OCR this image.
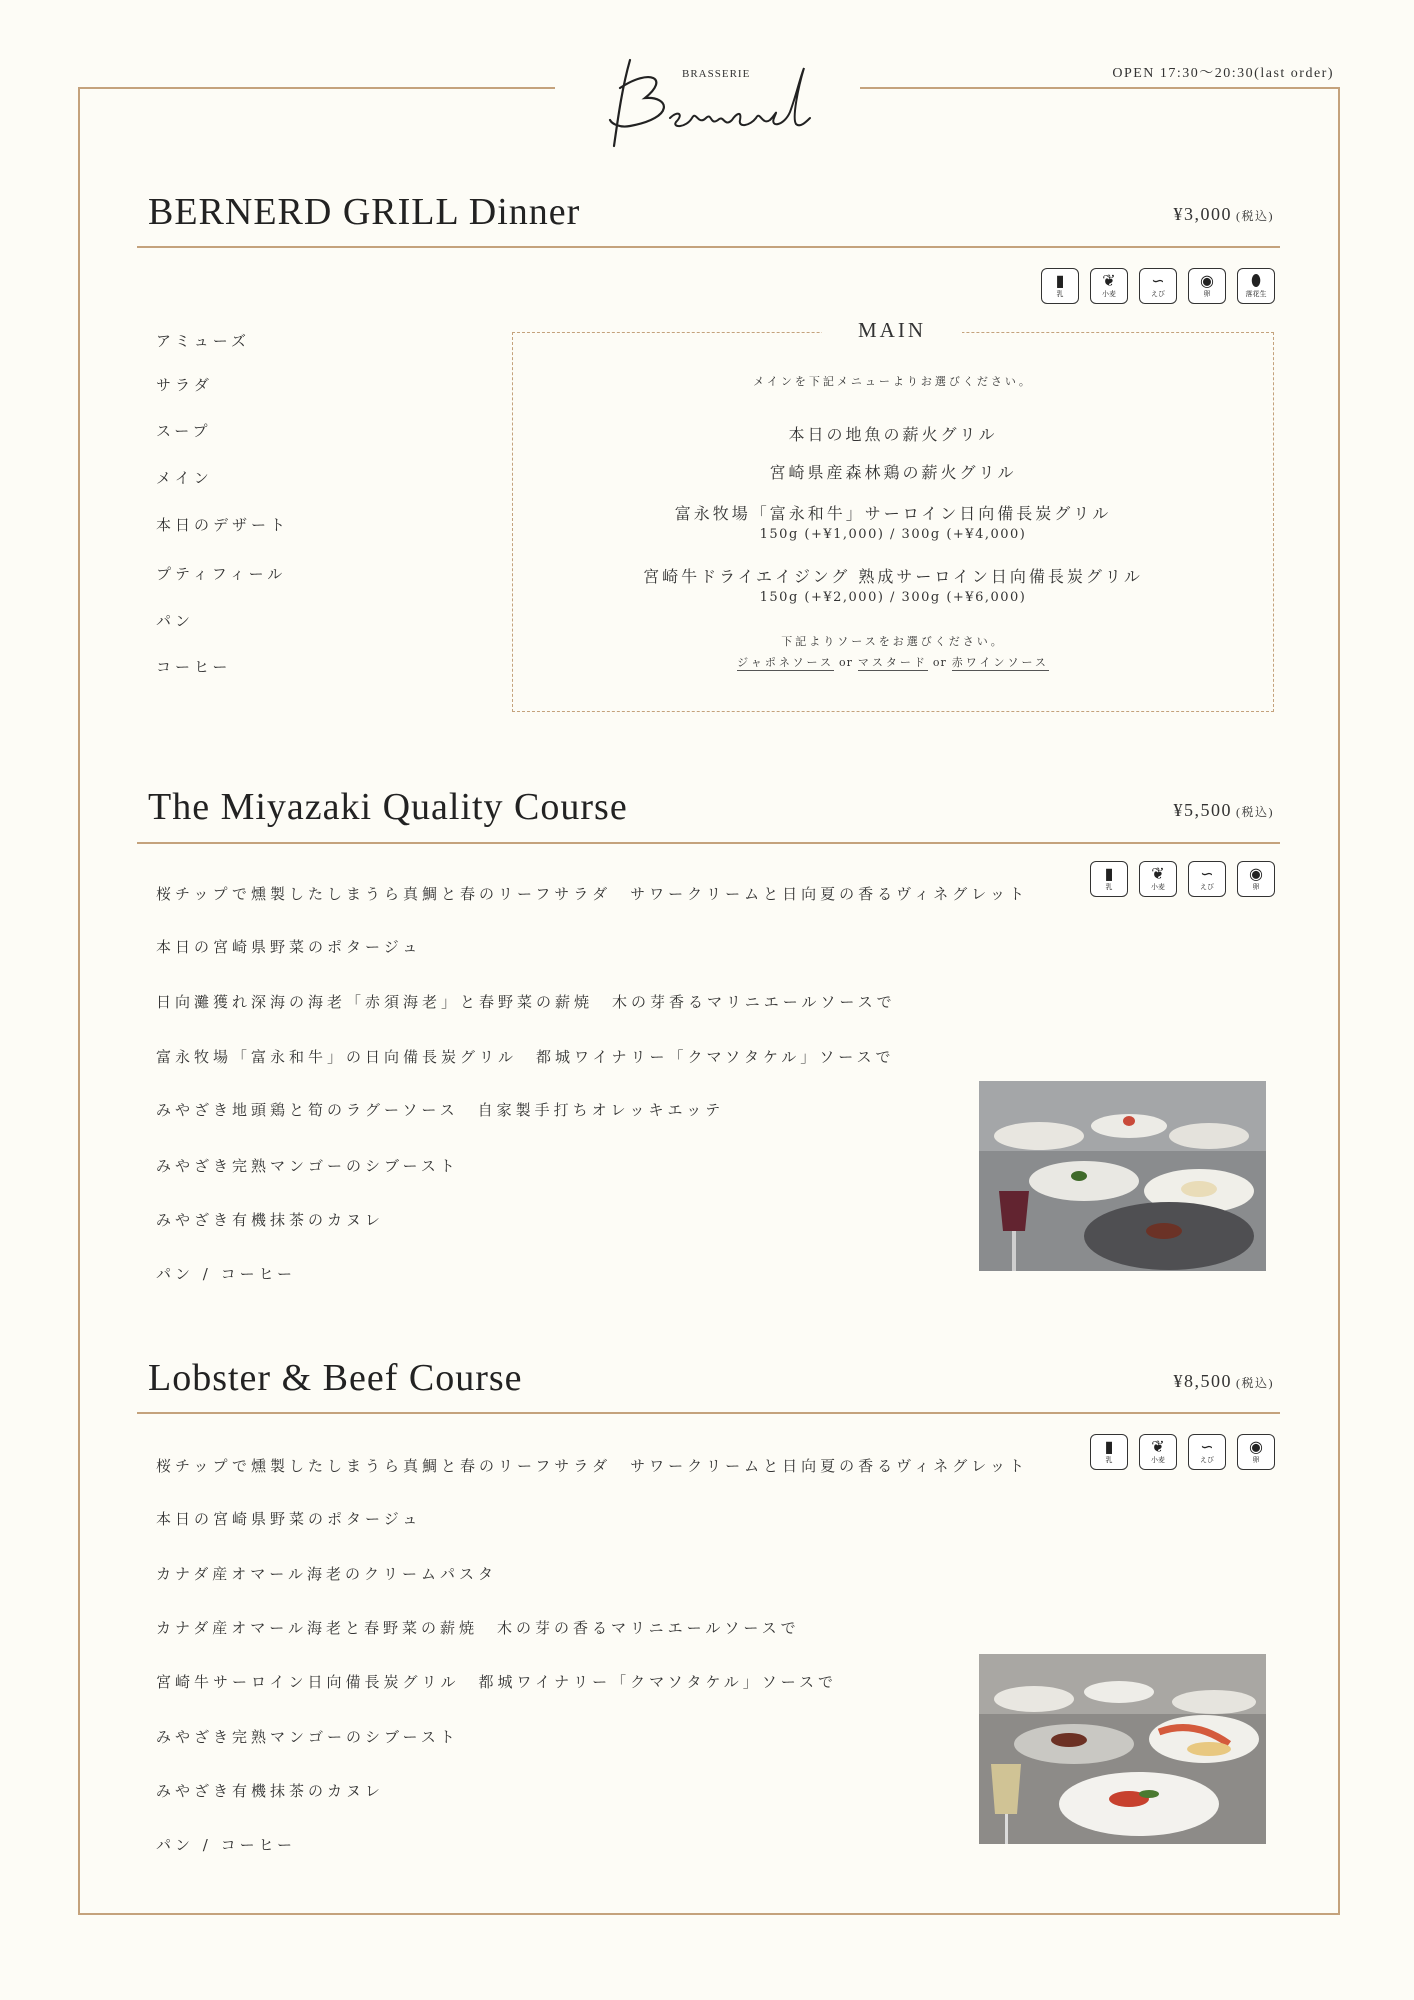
BRASSERIE	OPEN 17:30～20:30(last order)
BERNERD GRILL Dinner	¥3,000 (税込)
▮
乳
❦
小麦
∽
えび
◉
卵
⬮
落花生
アミューズ
サラダ
スープ
メイン
本日のデザート
プティフィール
パン
コーヒー
MAIN
メインを下記メニューよりお選びください。
本日の地魚の薪火グリル
宮崎県産森林鶏の薪火グリル
富永牧場「富永和牛」サーロイン日向備長炭グリル
150g (+¥1,000) / 300g (+¥4,000)
宮崎牛ドライエイジング 熟成サーロイン日向備長炭グリル
150g (+¥2,000) / 300g (+¥6,000)
下記よりソースをお選びください。
ジャポネソース or マスタード or 赤ワインソース
The Miyazaki Quality Course	¥5,500 (税込)
▮
乳
❦
小麦
∽
えび
◉
卵
桜チップで燻製したしまうら真鯛と春のリーフサラダ　サワークリームと日向夏の香るヴィネグレット
本日の宮崎県野菜のポタージュ
日向灘獲れ深海の海老「赤須海老」と春野菜の薪焼　木の芽香るマリニエールソースで
富永牧場「富永和牛」の日向備長炭グリル　都城ワイナリー「クマソタケル」ソースで
みやざき地頭鶏と筍のラグーソース　自家製手打ちオレッキエッテ
みやざき完熟マンゴーのシブースト
みやざき有機抹茶のカヌレ
パン / コーヒー
Lobster & Beef Course	¥8,500 (税込)
▮
乳
❦
小麦
∽
えび
◉
卵
桜チップで燻製したしまうら真鯛と春のリーフサラダ　サワークリームと日向夏の香るヴィネグレット
本日の宮崎県野菜のポタージュ
カナダ産オマール海老のクリームパスタ
カナダ産オマール海老と春野菜の薪焼　木の芽の香るマリニエールソースで
宮崎牛サーロイン日向備長炭グリル　都城ワイナリー「クマソタケル」ソースで
みやざき完熟マンゴーのシブースト
みやざき有機抹茶のカヌレ
パン / コーヒー
